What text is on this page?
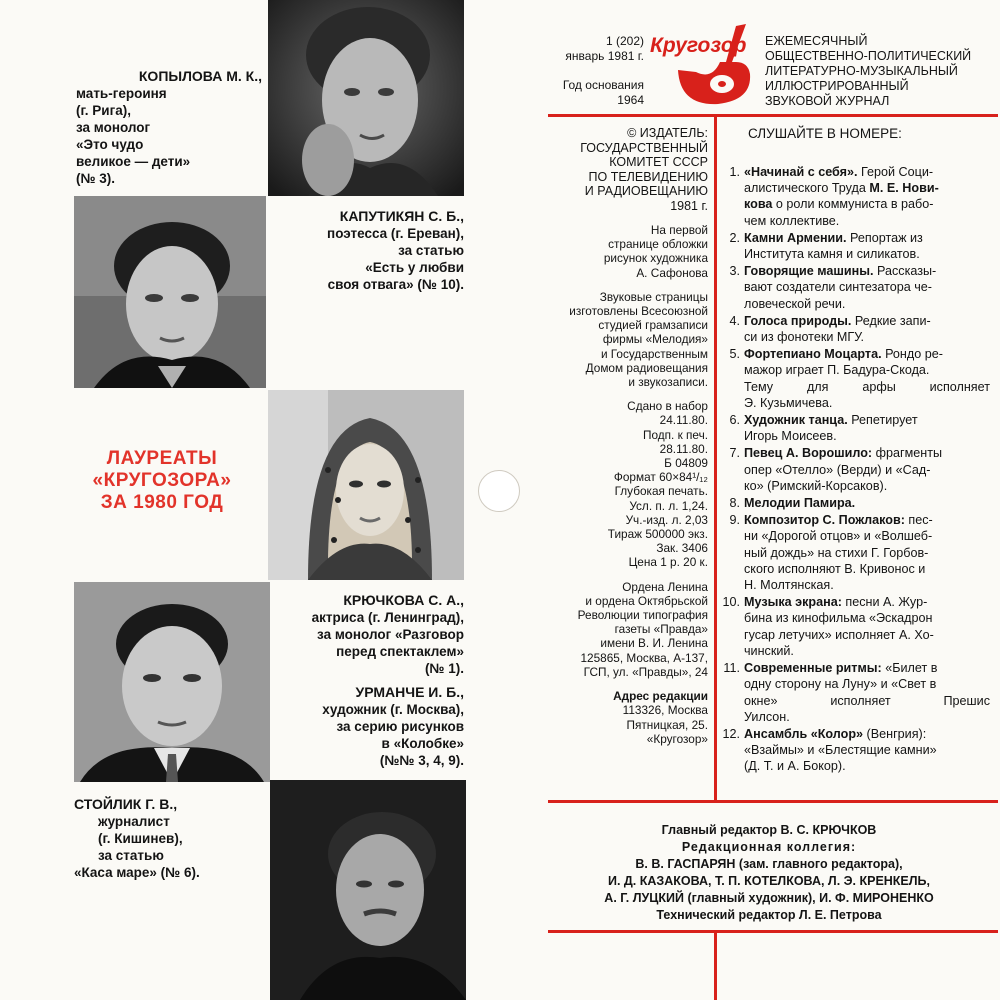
КОПЫЛОВА М. К.,
мать-героиня
(г. Рига),
за монолог
«Это чудо
великое — дети»
(№ 3).
КАПУТИКЯН С. Б.,
поэтесса (г. Ереван),
за статью
«Есть у любви
своя отвага» (№ 10).
ЛАУРЕАТЫ
«КРУГОЗОРА»
ЗА 1980 ГОД
КРЮЧКОВА С. А.,
актриса (г. Ленинград),
за монолог «Разговор
перед спектаклем»
(№ 1).
УРМАНЧЕ И. Б.,
художник (г. Москва),
за серию рисунков
в «Колобке»
(№№ 3, 4, 9).
СТОЙЛИК Г. В.,
журналист
(г. Кишинев),
за статью
«Каса маре» (№ 6).
1 (202)
январь 1981 г.
Год основания
1964
Кругозор ЕЖЕМЕСЯЧНЫЙ
ОБЩЕСТВЕННО-ПОЛИТИЧЕСКИЙ
ЛИТЕРАТУРНО-МУЗЫКАЛЬНЫЙ
ИЛЛЮСТРИРОВАННЫЙ
ЗВУКОВОЙ ЖУРНАЛ
© ИЗДАТЕЛЬ:
ГОСУДАРСТВЕННЫЙ
КОМИТЕТ СССР
ПО ТЕЛЕВИДЕНИЮ
И РАДИОВЕЩАНИЮ
1981 г.
На первой
странице обложки
рисунок художника
А. Сафонова
Звуковые страницы
изготовлены Всесоюзной
студией грамзаписи
фирмы «Мелодия»
и Государственным
Домом радиовещания
и звукозаписи.
Сдано в набор
24.11.80.
Подп. к печ.
28.11.80.
Б 04809
Формат 60×84¹/₁₂
Глубокая печать.
Усл. п. л. 1,24.
Уч.-изд. л. 2,03
Тираж 500000 экз.
Зак. 3406
Цена 1 р. 20 к.
Ордена Ленина
и ордена Октябрьской
Революции типография
газеты «Правда»
имени В. И. Ленина
125865, Москва, А-137,
ГСП, ул. «Правды», 24
Адрес редакции
113326, Москва
Пятницкая, 25.
«Кругозор»
СЛУШАЙТЕ В НОМЕРЕ:
1. «Начинай с себя». Герой Соци-
алистического Труда М. Е. Нови-
кова о роли коммуниста в рабо-
чем коллективе.
2. Камни Армении. Репортаж из
Института камня и силикатов.
3. Говорящие машины. Рассказы-
вают создатели синтезатора че-
ловеческой речи.
4. Голоса природы. Редкие запи-
си из фонотеки МГУ.
5. Фортепиано Моцарта. Рондо ре-
мажор играет П. Бадура-Скода.
Тему	для	арфы	исполняет
Э. Кузьмичева.
6. Художник танца. Репетирует
Игорь Моисеев.
7. Певец А. Ворошило: фрагменты
опер «Отелло» (Верди) и «Сад-
ко» (Римский-Корсаков).
8. Мелодии Памира.
9. Композитор С. Пожлаков: пес-
ни «Дорогой отцов» и «Волшеб-
ный дождь» на стихи Г. Горбов-
ского исполняют В. Кривонос и
Н. Молтянская.
10. Музыка экрана: песни А. Жур-
бина из кинофильма «Эскадрон
гусар летучих» исполняет А. Хо-
чинский.
11. Современные ритмы: «Билет в
одну сторону на Луну» и «Свет в
окне»	исполняет	Прешис
Уилсон.
12. Ансамбль «Колор» (Венгрия):
«Взаймы» и «Блестящие камни»
(Д. Т. и А. Бокор).
Главный редактор В. С. КРЮЧКОВ
Редакционная коллегия:
В. В. ГАСПАРЯН (зам. главного редактора),
И. Д. КАЗАКОВА, Т. П. КОТЕЛКОВА, Л. Э. КРЕНКЕЛЬ,
А. Г. ЛУЦКИЙ (главный художник), И. Ф. МИРОНЕНКО
Технический редактор Л. Е. Петрова
